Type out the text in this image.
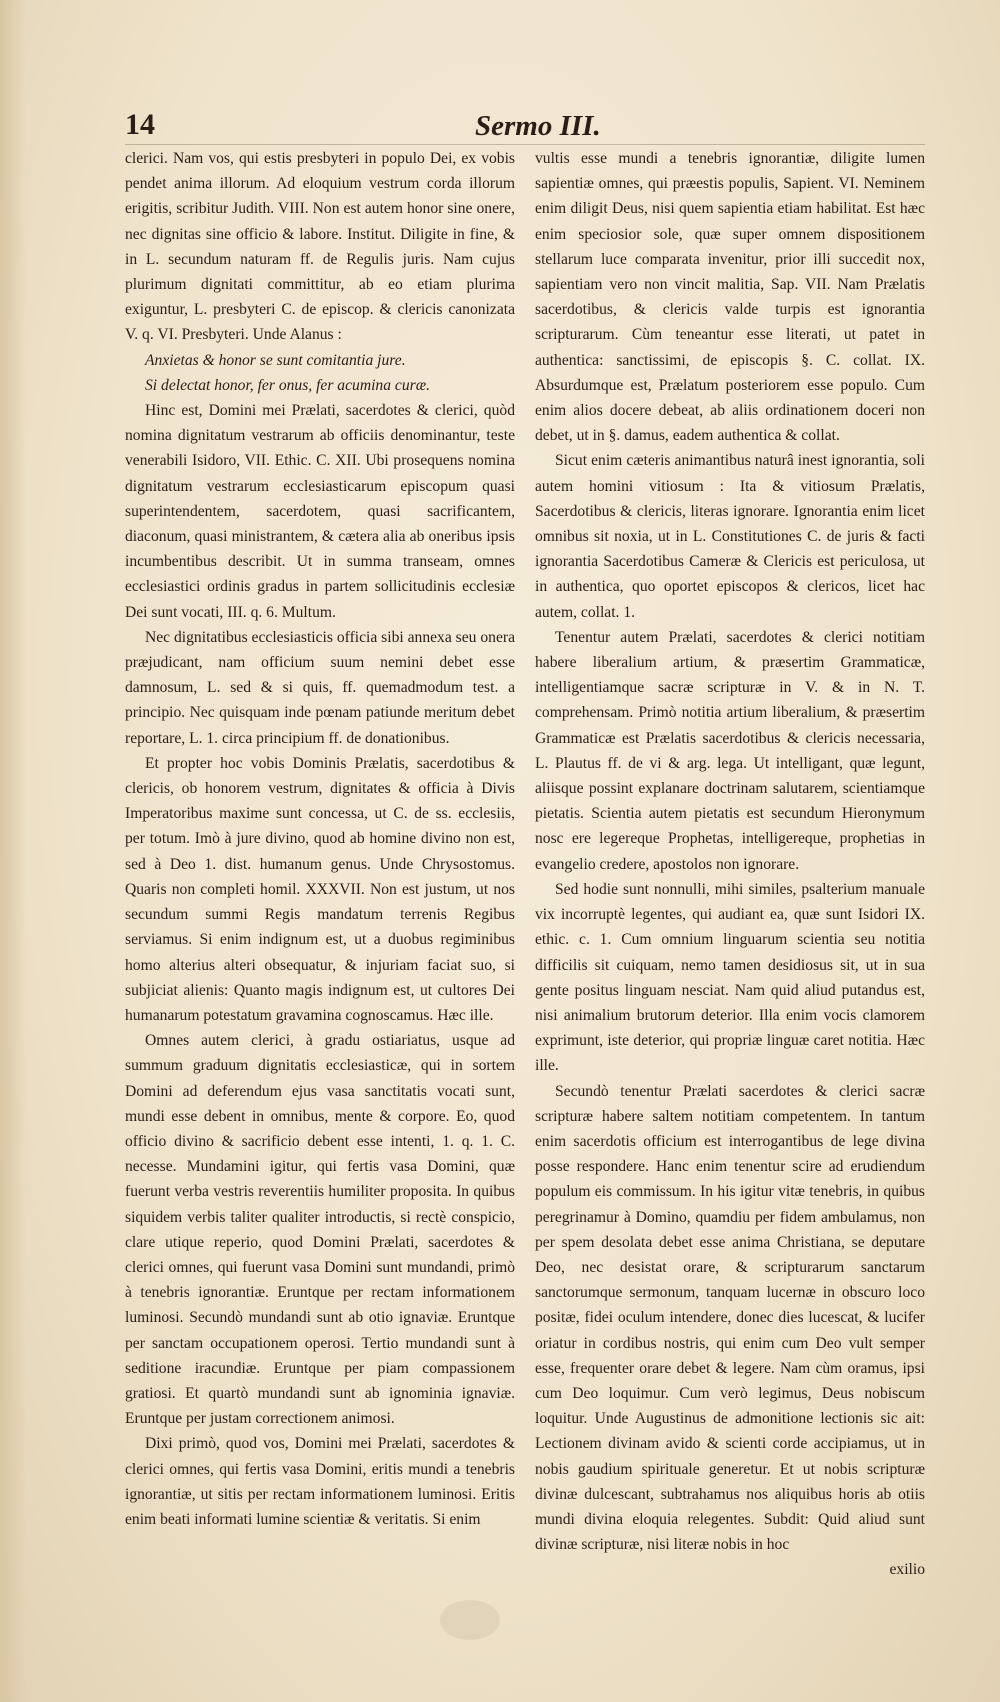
14	Sermo III.

clerici. Nam vos, qui estis presbyteri in populo Dei, ex vobis pendet anima illorum. Ad eloquium vestrum corda illorum erigitis, scribitur Judith. VIII. Non est autem honor sine onere, nec dignitas sine officio & labore. Institut. Diligite in fine, & in L. secundum naturam ff. de Regulis juris. Nam cujus plurimum dignitati committitur, ab eo etiam plurima exiguntur, L. presbyteri C. de episcop. & clericis canonizata V. q. VI. Presbyteri. Unde Alanus :

Anxietas & honor se sunt comitantia jure.

Si delectat honor, fer onus, fer acumina curæ.

Hinc est, Domini mei Prælati, sacerdotes & clerici, quòd nomina dignitatum vestrarum ab officiis denominantur, teste venerabili Isidoro, VII. Ethic. C. XII. Ubi prosequens nomina dignitatum vestrarum ecclesiasticarum episcopum quasi superintendentem, sacerdotem, quasi sacrificantem, diaconum, quasi ministrantem, & cætera alia ab oneribus ipsis incumbentibus describit. Ut in summa transeam, omnes ecclesiastici ordinis gradus in partem sollicitudinis ecclesiæ Dei sunt vocati, III. q. 6. Multum.

Nec dignitatibus ecclesiasticis officia sibi annexa seu onera præjudicant, nam officium suum nemini debet esse damnosum, L. sed & si quis, ff. quemadmodum test. a principio. Nec quisquam inde pœnam patiunde meritum debet reportare, L. 1. circa principium ff. de donationibus.

Et propter hoc vobis Dominis Prælatis, sacerdotibus & clericis, ob honorem vestrum, dignitates & officia à Divis Imperatoribus maxime sunt concessa, ut C. de ss. ecclesiis, per totum. Imò à jure divino, quod ab homine divino non est, sed à Deo 1. dist. humanum genus. Unde Chrysostomus. Quaris non completi homil. XXXVII. Non est justum, ut nos secundum summi Regis mandatum terrenis Regibus serviamus. Si enim indignum est, ut a duobus regiminibus homo alterius alteri obsequatur, & injuriam faciat suo, si subjiciat alienis: Quanto magis indignum est, ut cultores Dei humanarum potestatum gravamina cognoscamus. Hæc ille.

Omnes autem clerici, à gradu ostiariatus, usque ad summum graduum dignitatis ecclesiasticæ, qui in sortem Domini ad deferendum ejus vasa sanctitatis vocati sunt, mundi esse debent in omnibus, mente & corpore. Eo, quod officio divino & sacrificio debent esse intenti, 1. q. 1. C. necesse. Mundamini igitur, qui fertis vasa Domini, quæ fuerunt verba vestris reverentiis humiliter proposita. In quibus siquidem verbis taliter qualiter introductis, si rectè conspicio, clare utique reperio, quod Domini Prælati, sacerdotes & clerici omnes, qui fuerunt vasa Domini sunt mundandi, primò à tenebris ignorantiæ. Eruntque per rectam informationem luminosi. Secundò mundandi sunt ab otio ignaviæ. Eruntque per sanctam occupationem operosi. Tertio mundandi sunt à seditione iracundiæ. Eruntque per piam compassionem gratiosi. Et quartò mundandi sunt ab ignominia ignaviæ. Eruntque per justam correctionem animosi.

Dixi primò, quod vos, Domini mei Prælati, sacerdotes & clerici omnes, qui fertis vasa Domini, eritis mundi a tenebris ignorantiæ, ut sitis per rectam informationem luminosi. Eritis enim beati informati lumine scientiæ & veritatis. Si enim

vultis esse mundi a tenebris ignorantiæ, diligite lumen sapientiæ omnes, qui præestis populis, Sapient. VI. Neminem enim diligit Deus, nisi quem sapientia etiam habilitat. Est hæc enim speciosior sole, quæ super omnem dispositionem stellarum luce comparata invenitur, prior illi succedit nox, sapientiam vero non vincit malitia, Sap. VII. Nam Prælatis sacerdotibus, & clericis valde turpis est ignorantia scripturarum. Cùm teneantur esse literati, ut patet in authentica: sanctissimi, de episcopis §. C. collat. IX. Absurdumque est, Prælatum posteriorem esse populo. Cum enim alios docere debeat, ab aliis ordinationem doceri non debet, ut in §. damus, eadem authentica & collat.

Sicut enim cæteris animantibus naturâ inest ignorantia, soli autem homini vitiosum : Ita & vitiosum Prælatis, Sacerdotibus & clericis, literas ignorare. Ignorantia enim licet omnibus sit noxia, ut in L. Constitutiones C. de juris & facti ignorantia Sacerdotibus Cameræ & Clericis est periculosa, ut in authentica, quo oportet episcopos & clericos, licet hac autem, collat. 1.

Tenentur autem Prælati, sacerdotes & clerici notitiam habere liberalium artium, & præsertim Grammaticæ, intelligentiamque sacræ scripturæ in V. & in N. T. comprehensam. Primò notitia artium liberalium, & præsertim Grammaticæ est Prælatis sacerdotibus & clericis necessaria, L. Plautus ff. de vi & arg. lega. Ut intelligant, quæ legunt, aliisque possint explanare doctrinam salutarem, scientiamque pietatis. Scientia autem pietatis est secundum Hieronymum nosc ere legereque Prophetas, intelligereque, prophetias in evangelio credere, apostolos non ignorare.

Sed hodie sunt nonnulli, mihi similes, psalterium manuale vix incorruptè legentes, qui audiant ea, quæ sunt Isidori IX. ethic. c. 1. Cum omnium linguarum scientia seu notitia difficilis sit cuiquam, nemo tamen desidiosus sit, ut in sua gente positus linguam nesciat. Nam quid aliud putandus est, nisi animalium brutorum deterior. Illa enim vocis clamorem exprimunt, iste deterior, qui propriæ linguæ caret notitia. Hæc ille.

Secundò tenentur Prælati sacerdotes & clerici sacræ scripturæ habere saltem notitiam competentem. In tantum enim sacerdotis officium est interrogantibus de lege divina posse respondere. Hanc enim tenentur scire ad erudiendum populum eis commissum. In his igitur vitæ tenebris, in quibus peregrinamur à Domino, quamdiu per fidem ambulamus, non per spem desolata debet esse anima Christiana, se deputare Deo, nec desistat orare, & scripturarum sanctarum sanctorumque sermonum, tanquam lucernæ in obscuro loco positæ, fidei oculum intendere, donec dies lucescat, & lucifer oriatur in cordibus nostris, qui enim cum Deo vult semper esse, frequenter orare debet & legere. Nam cùm oramus, ipsi cum Deo loquimur. Cum verò legimus, Deus nobiscum loquitur. Unde Augustinus de admonitione lectionis sic ait: Lectionem divinam avido & scienti corde accipiamus, ut in nobis gaudium spirituale generetur. Et ut nobis scripturæ divinæ dulcescant, subtrahamus nos aliquibus horis ab otiis mundi divina eloquia relegentes. Subdit: Quid aliud sunt divinæ scripturæ, nisi literæ nobis in hoc

exilio
